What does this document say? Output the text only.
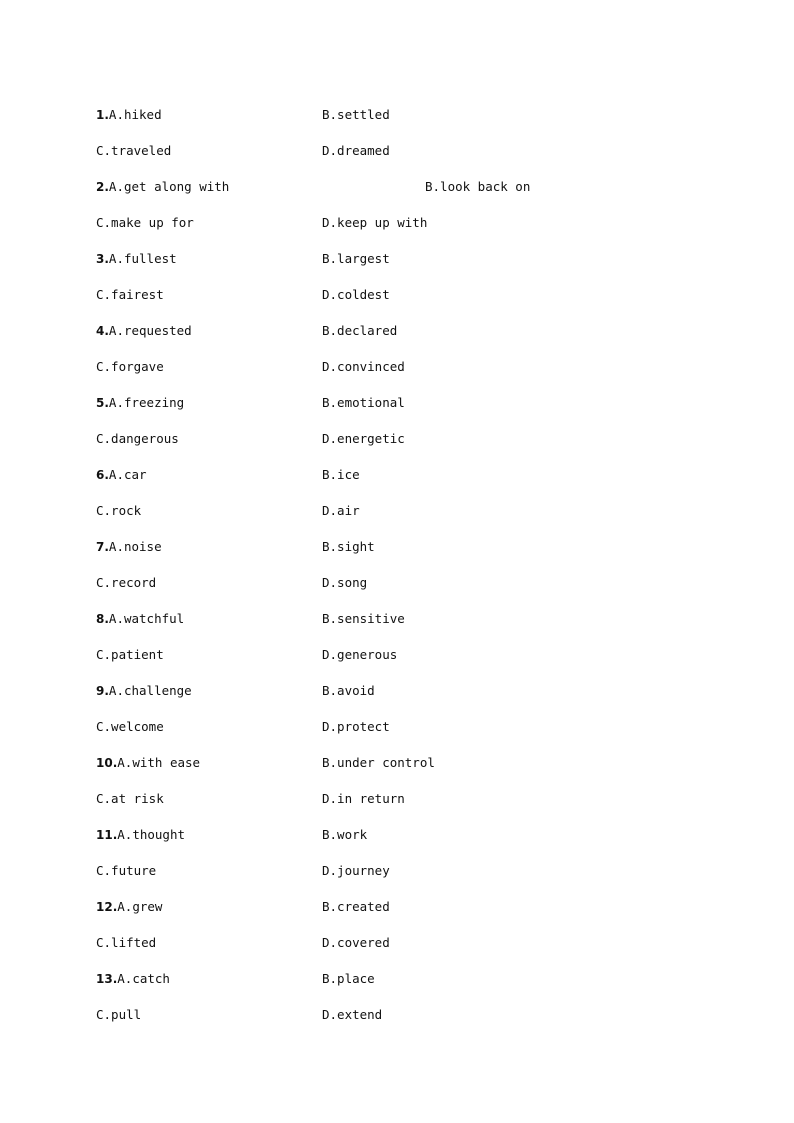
1.A.hiked	B.settled
C.traveled	D.dreamed
2.A.get along with	B.look back on
C.make up for	D.keep up with
3.A.fullest	B.largest
C.fairest	D.coldest
4.A.requested	B.declared
C.forgave	D.convinced
5.A.freezing	B.emotional
C.dangerous	D.energetic
6.A.car	B.ice
C.rock	D.air
7.A.noise	B.sight
C.record	D.song
8.A.watchful	B.sensitive
C.patient	D.generous
9.A.challenge	B.avoid
C.welcome	D.protect
10.A.with ease	B.under control
C.at risk	D.in return
11.A.thought	B.work
C.future	D.journey
12.A.grew	B.created
C.lifted	D.covered
13.A.catch	B.place
C.pull	D.extend
